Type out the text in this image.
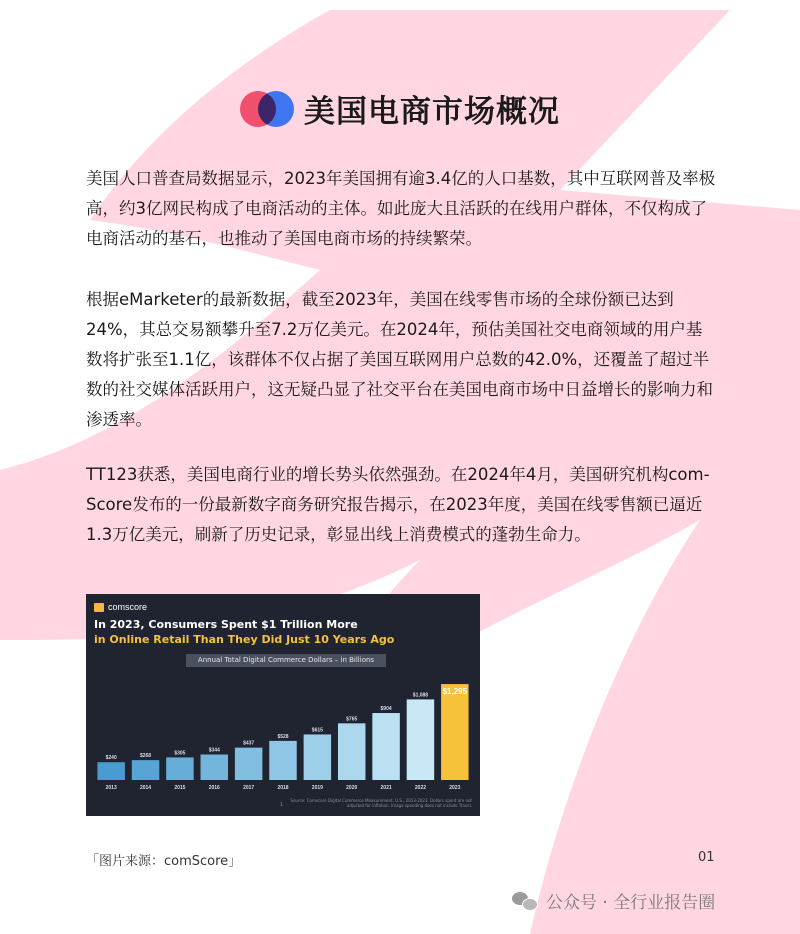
美国电商市场概况
美国人口普查局数据显示，2023年美国拥有逾3.4亿的人口基数，其中互联网普及率极高，约3亿网民构成了电商活动的主体。如此庞大且活跃的在线用户群体，不仅构成了电商活动的基石，也推动了美国电商市场的持续繁荣。
根据eMarketer的最新数据，截至2023年，美国在线零售市场的全球份额已达到24%，其总交易额攀升至7.2万亿美元。在2024年，预估美国社交电商领域的用户基数将扩张至1.1亿，该群体不仅占据了美国互联网用户总数的42.0%，还覆盖了超过半数的社交媒体活跃用户，这无疑凸显了社交平台在美国电商市场中日益增长的影响力和渗透率。
TT123获悉，美国电商行业的增长势头依然强劲。在2024年4月，美国研究机构com-Score发布的一份最新数字商务研究报告揭示，在2023年度，美国在线零售额已逼近1.3万亿美元，刷新了历史记录，彰显出线上消费模式的蓬勃生命力。
comscore
In 2023, Consumers Spent $1 Trillion More
in Online Retail Than They Did Just 10 Years Ago
Annual Total Digital Commerce Dollars – in Billions
$240
2013
$268
2014
$305
2015
$344
2016
$437
2017
$528
2018
$615
2019
$765
2020
$904
2021
$1,088
2022
$1,295
2023
1
Source: Comscore Digital Commerce Measurement, U.S., 2013-2023. Dollars spent are not adjusted for inflation. Image spending does not include Travel.
「图片来源：comScore」	01
公众号 · 全行业报告圈
